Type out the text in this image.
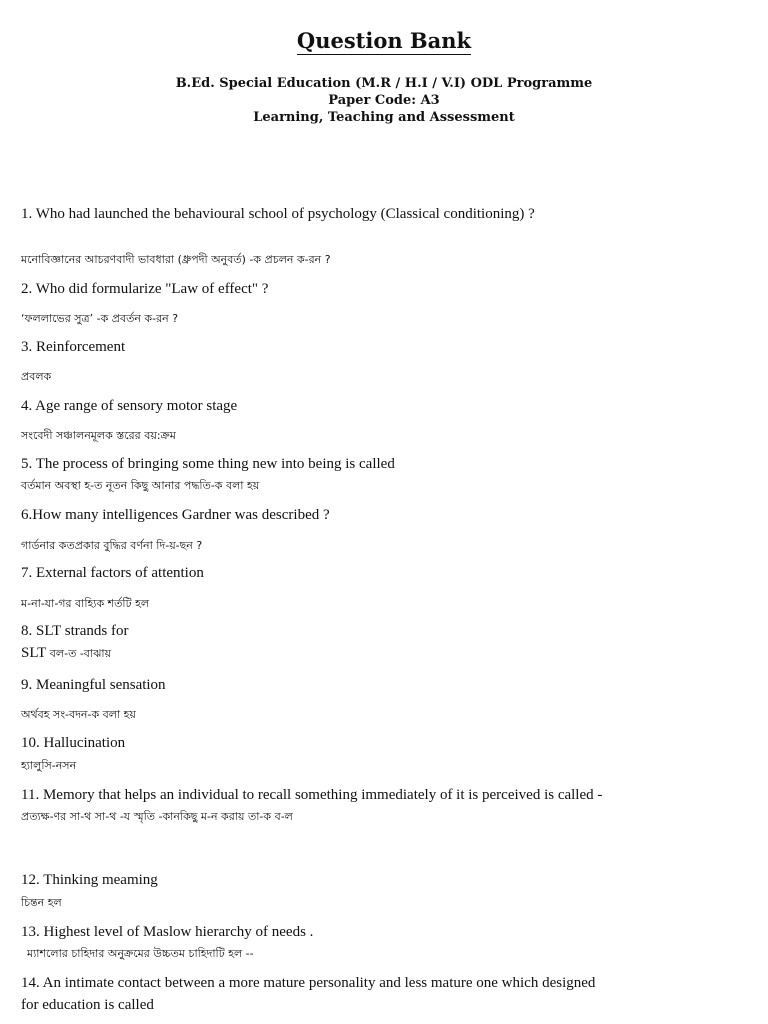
Question Bank
B.Ed. Special Education (M.R / H.I / V.I) ODL Programme
Paper Code: A3
Learning, Teaching and Assessment
1. Who had launched the behavioural school of psychology (Classical conditioning) ?
মনোবিজ্ঞানের আচরণবাদী ভাবধারা (ধ্রুপদী অনুবর্ত) -ক প্রচলন ক-রন ?
2. Who did formularize "Law of effect" ?
‘ফললাভের সুত্র’ -ক প্রবর্তন ক-রন ?
3. Reinforcement
প্রবলক
4. Age range of sensory motor stage
সংবেদী সঞ্চালনমূলক স্তরের বয়:ক্রম
5. The process of bringing some thing new into being is called
বর্তমান অবস্থা হ-ত নূতন কিছু আনার পদ্ধতি-ক বলা হয়
6.How many intelligences Gardner was described ?
গার্ডনার কতপ্রকার বুদ্ধির বর্ণনা দি-য়-ছন ?
7. External factors of attention
ম-না-যা-গর বাহ্যিক শর্তটি হল
8. SLT strands for
SLT বল-ত -বাঝায়
9. Meaningful sensation
অর্থবহ সং-বদন-ক বলা হয়
10. Hallucination
হ্যালুসি-নসন
11. Memory that helps an individual to recall something immediately of it is perceived is called -
প্রত্যক্ষ-ণর সা-থ সা-থ -য স্মৃতি -কানকিছু ম-ন করায় তা-ক ব-ল
12. Thinking meaming
চিন্তন হল
13. Highest level of Maslow hierarchy of needs .
ম্যাশলোর চাহিদার অনুক্রমের উচ্চতম চাহিদাটি হল --
14. An intimate contact between a more mature personality and less mature one which designed
for education is called
